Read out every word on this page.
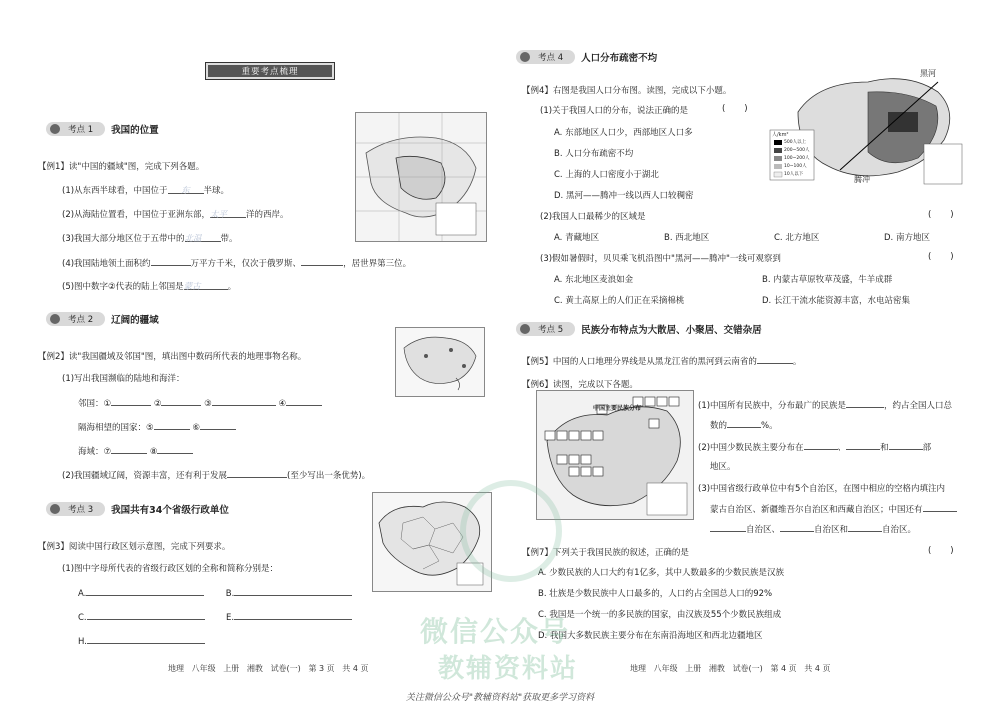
重要考点梳理
考点 1	我国的位置
【例1】读"中国的疆域"图，完成下列各题。
(1)从东西半球看，中国位于 东 半球。
(2)从海陆位置看，中国位于亚洲东部，太平 洋的西岸。
(3)我国大部分地区位于五带中的北温 带。
(4)我国陆地领土面积约	万平方千米，仅次于俄罗斯、	，居世界第三位。
(5)图中数字②代表的陆上邻国是蒙古	。
考点 2	辽阔的疆域
【例2】读"我国疆域及邻国"图，填出图中数码所代表的地理事物名称。
(1)写出我国濒临的陆地和海洋：
邻国：①	②	③	④
隔海相望的国家：⑤	⑥
海域：⑦	⑧
(2)我国疆域辽阔，资源丰富，还有利于发展	(至少写出一条优势)。
考点 3	我国共有34个省级行政单位
【例3】阅读中国行政区划示意图，完成下列要求。
(1)图中字母所代表的省级行政区划的全称和简称分别是：
A.	B.
C.	E.
H.
地理 八年级 上册 湘教 试卷(一) 第 3 页 共 4 页
考点 4	人口分布疏密不均
黑河
腾冲
人/km²
500人以上
200~500人
100~200人
10~100人
10人以下
【例4】右图是我国人口分布图。读图，完成以下小题。
(1)关于我国人口的分布，说法正确的是	(       )
A. 东部地区人口少，西部地区人口多
B. 人口分布疏密不均
C. 上海的人口密度小于湖北
D. 黑河——腾冲一线以西人口较稠密
(2)我国人口最稀少的区域是	(       )
A. 青藏地区	B. 西北地区	C. 北方地区	D. 南方地区
(3)假如暑假时，贝贝乘飞机沿图中"黑河——腾冲"一线可观察到	(       )
A. 东北地区麦浪如金	B. 内蒙古草原牧草茂盛，牛羊成群
C. 黄土高原上的人们正在采摘棉桃	D. 长江干流水能资源丰富，水电站密集
考点 5	民族分布特点为大散居、小聚居、交错杂居
【例5】中国的人口地理分界线是从黑龙江省的黑河到云南省的	。
【例6】读图，完成以下各题。
中国主要民族分布	(1)中国所有民族中，分布最广的民族是	，约占全国人口总
数的	%。
(2)中国少数民族主要分布在	、	和	部
地区。
(3)中国省级行政单位中有5个自治区，在图中相应的空格内填注内
蒙古自治区、新疆维吾尔自治区和西藏自治区；中国还有
自治区、	自治区和	自治区。
【例7】下列关于我国民族的叙述，正确的是	(       )
A. 少数民族的人口大约有1亿多，其中人数最多的少数民族是汉族
B. 壮族是少数民族中人口最多的，人口约占全国总人口的92%
C. 我国是一个统一的多民族的国家，由汉族及55个少数民族组成
D. 我国大多数民族主要分布在东南沿海地区和西北边疆地区
地理 八年级 上册 湘教 试卷(一) 第 4 页 共 4 页
微信公众号
教辅资料站
关注微信公众号"教辅资料站"获取更多学习资料
